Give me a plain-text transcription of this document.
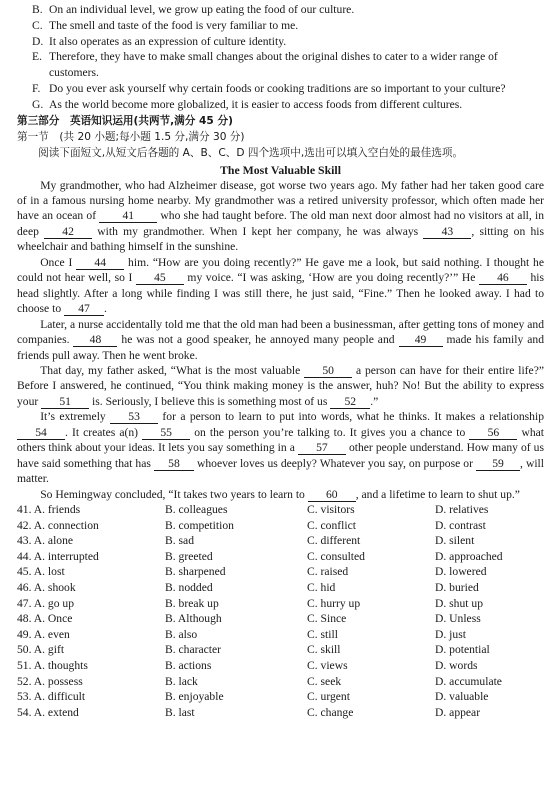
B. On an individual level, we grow up eating the food of our culture.
C. The smell and taste of the food is very familiar to me.
D. It also operates as an expression of culture identity.
E. Therefore, they have to make small changes about the original dishes to cater to a wider range of customers.
F. Do you ever ask yourself why certain foods or cooking traditions are so important to your culture?
G. As the world become more globalized, it is easier to access foods from different cultures.
第三部分　英语知识运用(共两节,满分 45 分)
第一节　(共 20 小题;每小题 1.5 分,满分 30 分)
阅读下面短文,从短文后各题的 A、B、C、D 四个选项中,选出可以填入空白处的最佳选项。
The Most Valuable Skill

My grandmother, who had Alzheimer disease, got worse two years ago. My father had her taken good care of in a famous nursing home nearby. My grandmother was a retired university professor, which often made her have an ocean of 41 who she had taught before. The old man next door almost had no visitors at all, in deep 42 with my grandmother. When I kept her company, he was always 43 , sitting on his wheelchair and bathing himself in the sunshine.

Once I 44 him. “How are you doing recently?” He gave me a look, but said nothing. I thought he could not hear well, so I 45 my voice. “I was asking, ‘How are you doing recently?’” He 46 his head slightly. After a long while finding I was still there, he just said, “Fine.” Then he looked away. I had to choose to 47 .

Later, a nurse accidentally told me that the old man had been a businessman, after getting tons of money and companies. 48 he was not a good speaker, he annoyed many people and 49 made his family and friends pull away. Then he went broke.

That day, my father asked, “What is the most valuable 50 a person can have for their entire life?” Before I answered, he continued, “You think making money is the answer, huh? No! But the ability to express your 51 is. Seriously, I believe this is something most of us 52 .”

It’s extremely 53 for a person to learn to put into words, what he thinks. It makes a relationship 54 . It creates a(n) 55 on the person you’re talking to. It gives you a chance to 56 what others think about your ideas. It lets you say something in a 57 other people understand. How many of us have said something that has 58 whoever loves us deeply? Whatever you say, on purpose or 59 , will matter.

So Hemingway concluded, “It takes two years to learn to 60 , and a lifetime to learn to shut up.”

41. A. friends	B. colleagues	C. visitors	D. relatives
42. A. connection	B. competition	C. conflict	D. contrast
43. A. alone	B. sad	C. different	D. silent
44. A. interrupted	B. greeted	C. consulted	D. approached
45. A. lost	B. sharpened	C. raised	D. lowered
46. A. shook	B. nodded	C. hid	D. buried
47. A. go up	B. break up	C. hurry up	D. shut up
48. A. Once	B. Although	C. Since	D. Unless
49. A. even	B. also	C. still	D. just
50. A. gift	B. character	C. skill	D. potential
51. A. thoughts	B. actions	C. views	D. words
52. A. possess	B. lack	C. seek	D. accumulate
53. A. difficult	B. enjoyable	C. urgent	D. valuable
54. A. extend	B. last	C. change	D. appear
